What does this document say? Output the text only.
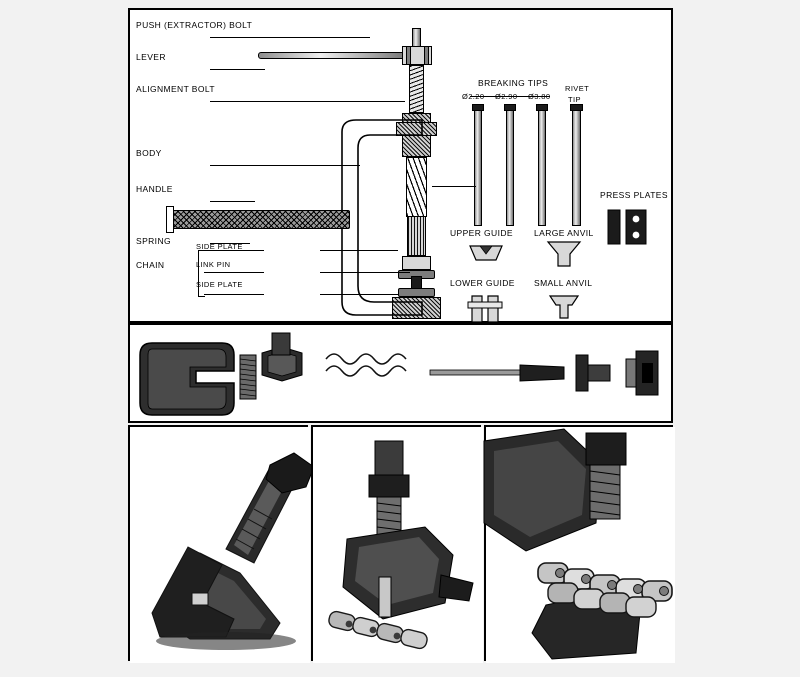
PUSH (EXTRACTOR) BOLT
LEVER
ALIGNMENT BOLT
BODY
HANDLE
SPRING
CHAIN
SIDE PLATE
LINK PIN
SIDE PLATE
BREAKING TIPS
Ø2.20 Ø2.90 Ø3.80
RIVET
TIP
PRESS PLATES
UPPER GUIDE LARGE ANVIL
LOWER GUIDE SMALL ANVIL
